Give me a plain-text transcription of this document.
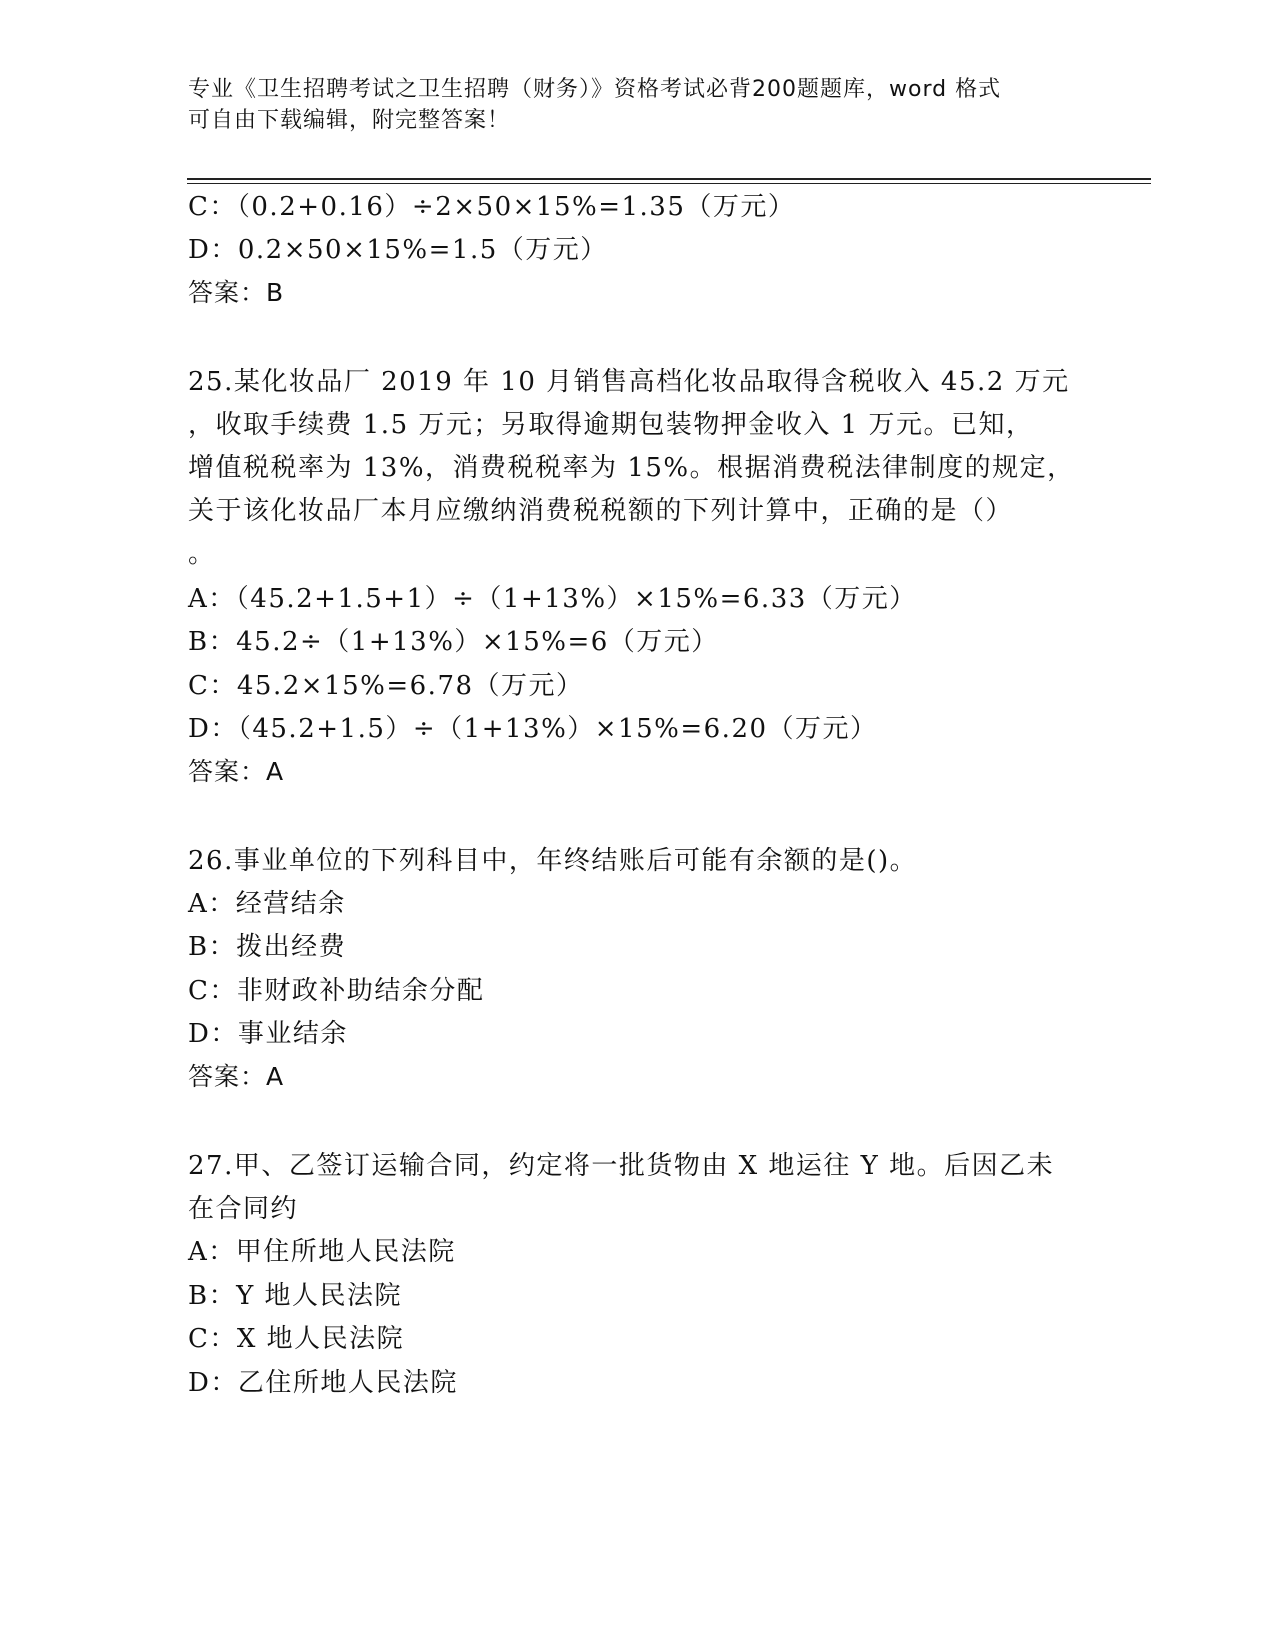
专业《卫生招聘考试之卫生招聘（财务）》资格考试必背200题题库，word 格式
可自由下载编辑，附完整答案！
C：（0.2+0.16）÷2×50×15%=1.35（万元）
D：0.2×50×15%=1.5（万元）
答案：B
25.某化妆品厂 2019 年 10 月销售高档化妆品取得含税收入 45.2 万元
，收取手续费 1.5 万元；另取得逾期包装物押金收入 1 万元。已知，
增值税税率为 13%，消费税税率为 15%。根据消费税法律制度的规定，
关于该化妆品厂本月应缴纳消费税税额的下列计算中，正确的是（）
。
A：（45.2+1.5+1）÷（1+13%）×15%=6.33（万元）
B：45.2÷（1+13%）×15%=6（万元）
C：45.2×15%=6.78（万元）
D：（45.2+1.5）÷（1+13%）×15%=6.20（万元）
答案：A
26.事业单位的下列科目中，年终结账后可能有余额的是()。
A：经营结余
B：拨出经费
C：非财政补助结余分配
D：事业结余
答案：A
27.甲、乙签订运输合同，约定将一批货物由 X 地运往 Y 地。后因乙未
在合同约
A：甲住所地人民法院
B：Y 地人民法院
C：X 地人民法院
D：乙住所地人民法院
